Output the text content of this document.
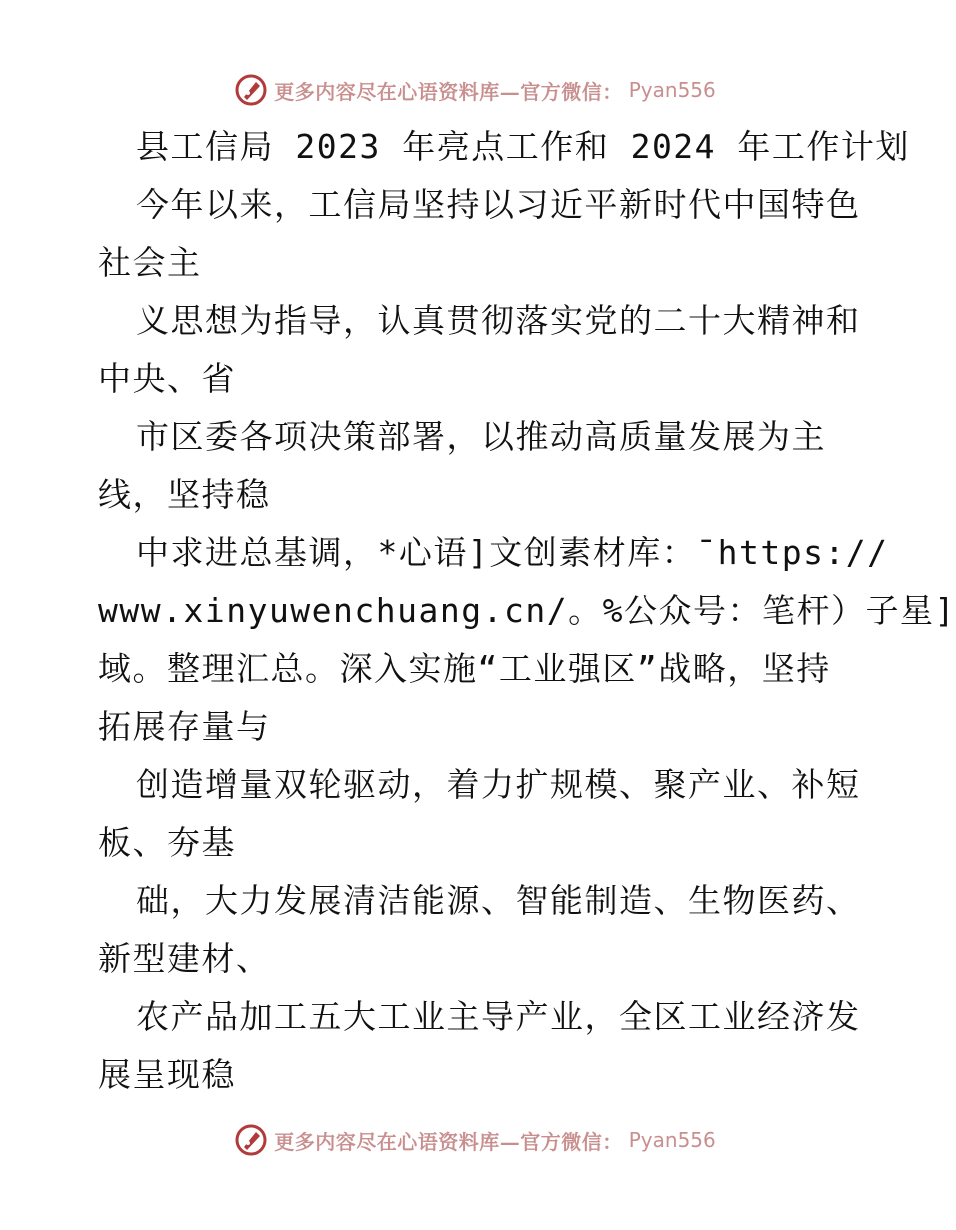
更多内容尽在心语资料库—官方微信： Pyan556
县工信局 2023 年亮点工作和 2024 年工作计划
今年以来，工信局坚持以习近平新时代中国特色
社会主
义思想为指导，认真贯彻落实党的二十大精神和
中央、省
市区委各项决策部署，以推动高质量发展为主
线，坚持稳
中求进总基调，*心语]文创素材库：¯https://
www.xinyuwenchuang.cn/。%公众号：笔杆）子星]
域。整理汇总。深入实施“工业强区”战略，坚持
拓展存量与
创造增量双轮驱动，着力扩规模、聚产业、补短
板、夯基
础，大力发展清洁能源、智能制造、生物医药、
新型建材、
农产品加工五大工业主导产业，全区工业经济发
展呈现稳
更多内容尽在心语资料库—官方微信： Pyan556
